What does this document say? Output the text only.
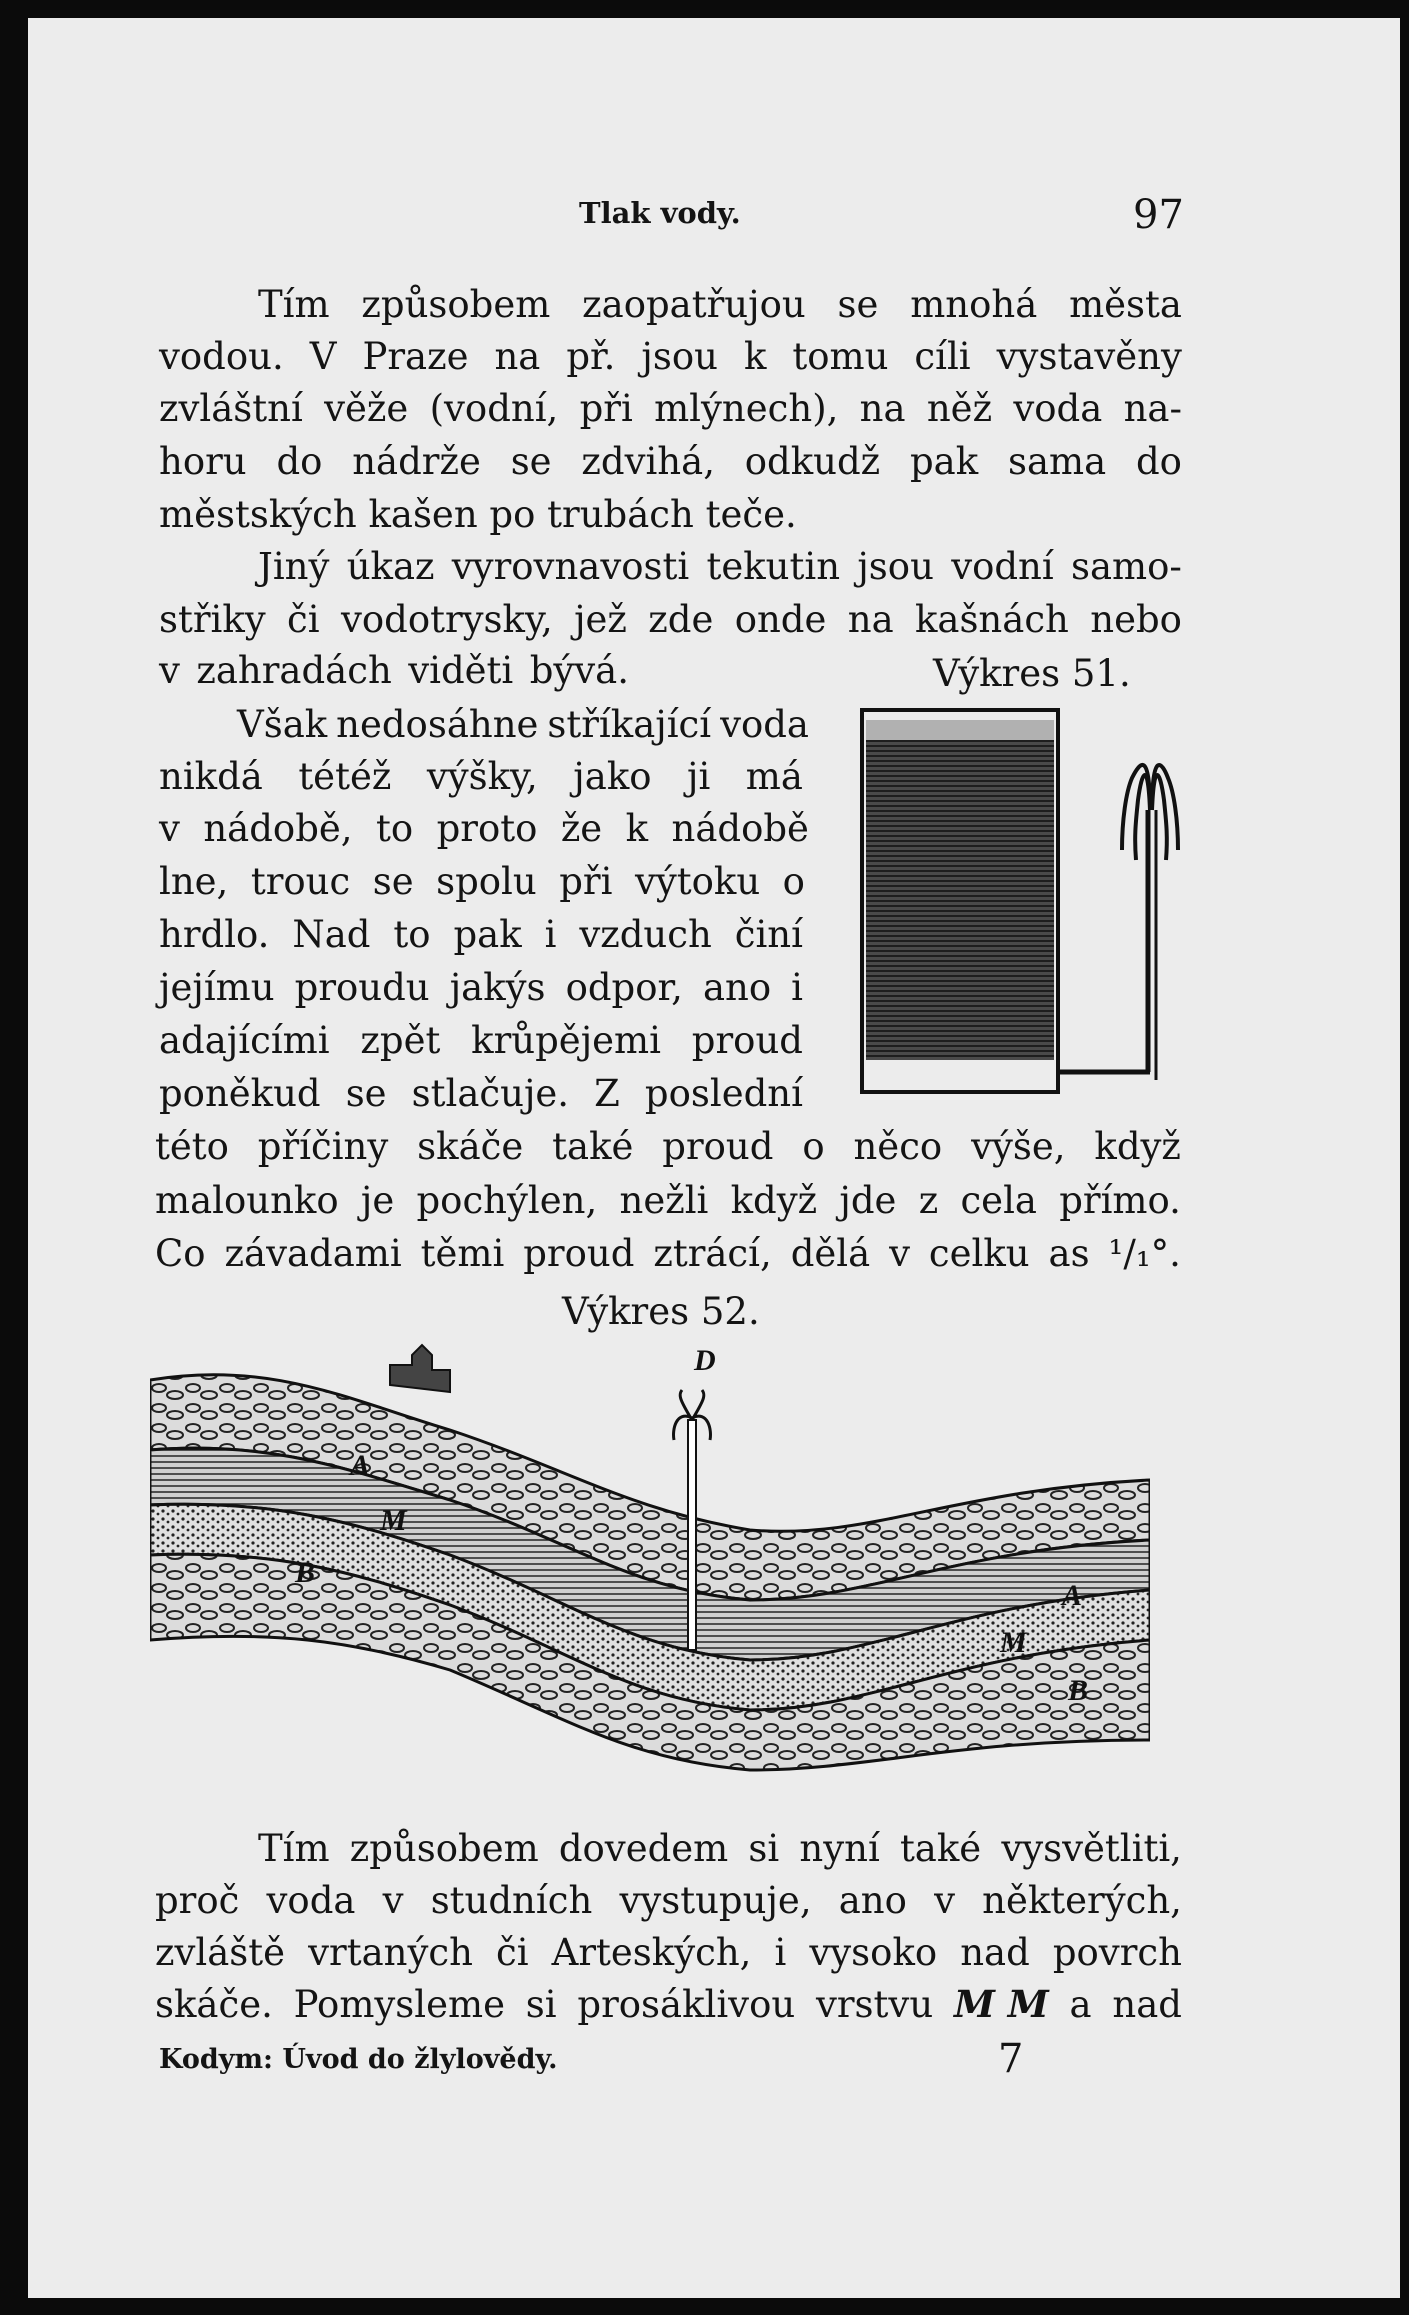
Tlak vody.	97
Tím způsobem zaopatřujou se mnohá města
vodou. V Praze na př. jsou k tomu cíli vystavěny
zvláštní věže (vodní, při mlýnech), na něž voda na-
horu do nádrže se zdvihá, odkudž pak sama do
městských kašen po trubách teče.
Jiný úkaz vyrovnavosti tekutin jsou vodní samo-
střiky či vodotrysky, jež zde onde na kašnách nebo
v zahradách viděti bývá.	Výkres 51.
Však nedosáhne stříkající voda
nikdá tétéž výšky, jako ji má
v nádobě, to proto že k nádobě
lne, trouc se spolu při výtoku o
hrdlo. Nad to pak i vzduch činí
jejímu proudu jakýs odpor, ano i
adajícími zpět krůpějemi proud
poněkud se stlačuje. Z poslední
této příčiny skáče také proud o něco výše, když
malounko je pochýlen, nežli když jde z cela přímo.
Co závadami těmi proud ztrácí, dělá v celku as ¹/₁°.
Výkres 52.
Tím způsobem dovedem si nyní také vysvětliti,
proč voda v studních vystupuje, ano v některých,
zvláště vrtaných či Arteských, i vysoko nad povrch
skáče. Pomysleme si prosáklivou vrstvu M M a nad
Kodym: Úvod do žlylovědy.	7
D
A
M
B
A
M
B
